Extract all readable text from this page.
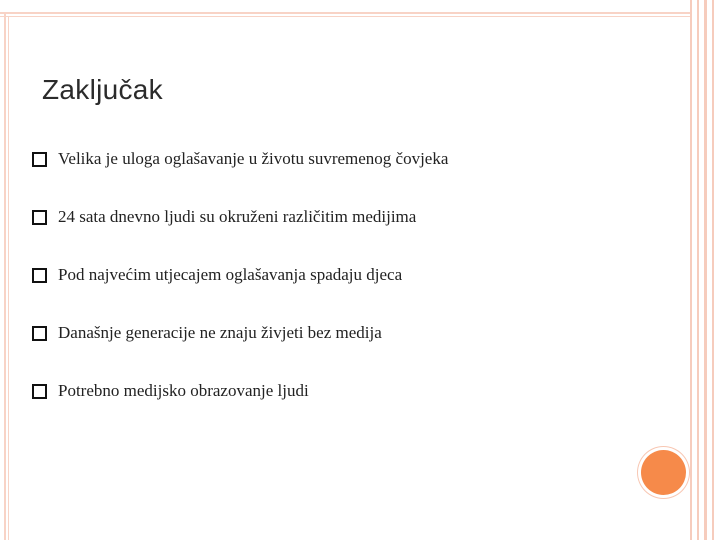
Zaključak
Velika je uloga oglašavanje u životu suvremenog čovjeka
24 sata dnevno ljudi su okruženi različitim medijima
Pod najvećim utjecajem oglašavanja spadaju djeca
Današnje generacije ne znaju živjeti bez medija
Potrebno medijsko obrazovanje ljudi
